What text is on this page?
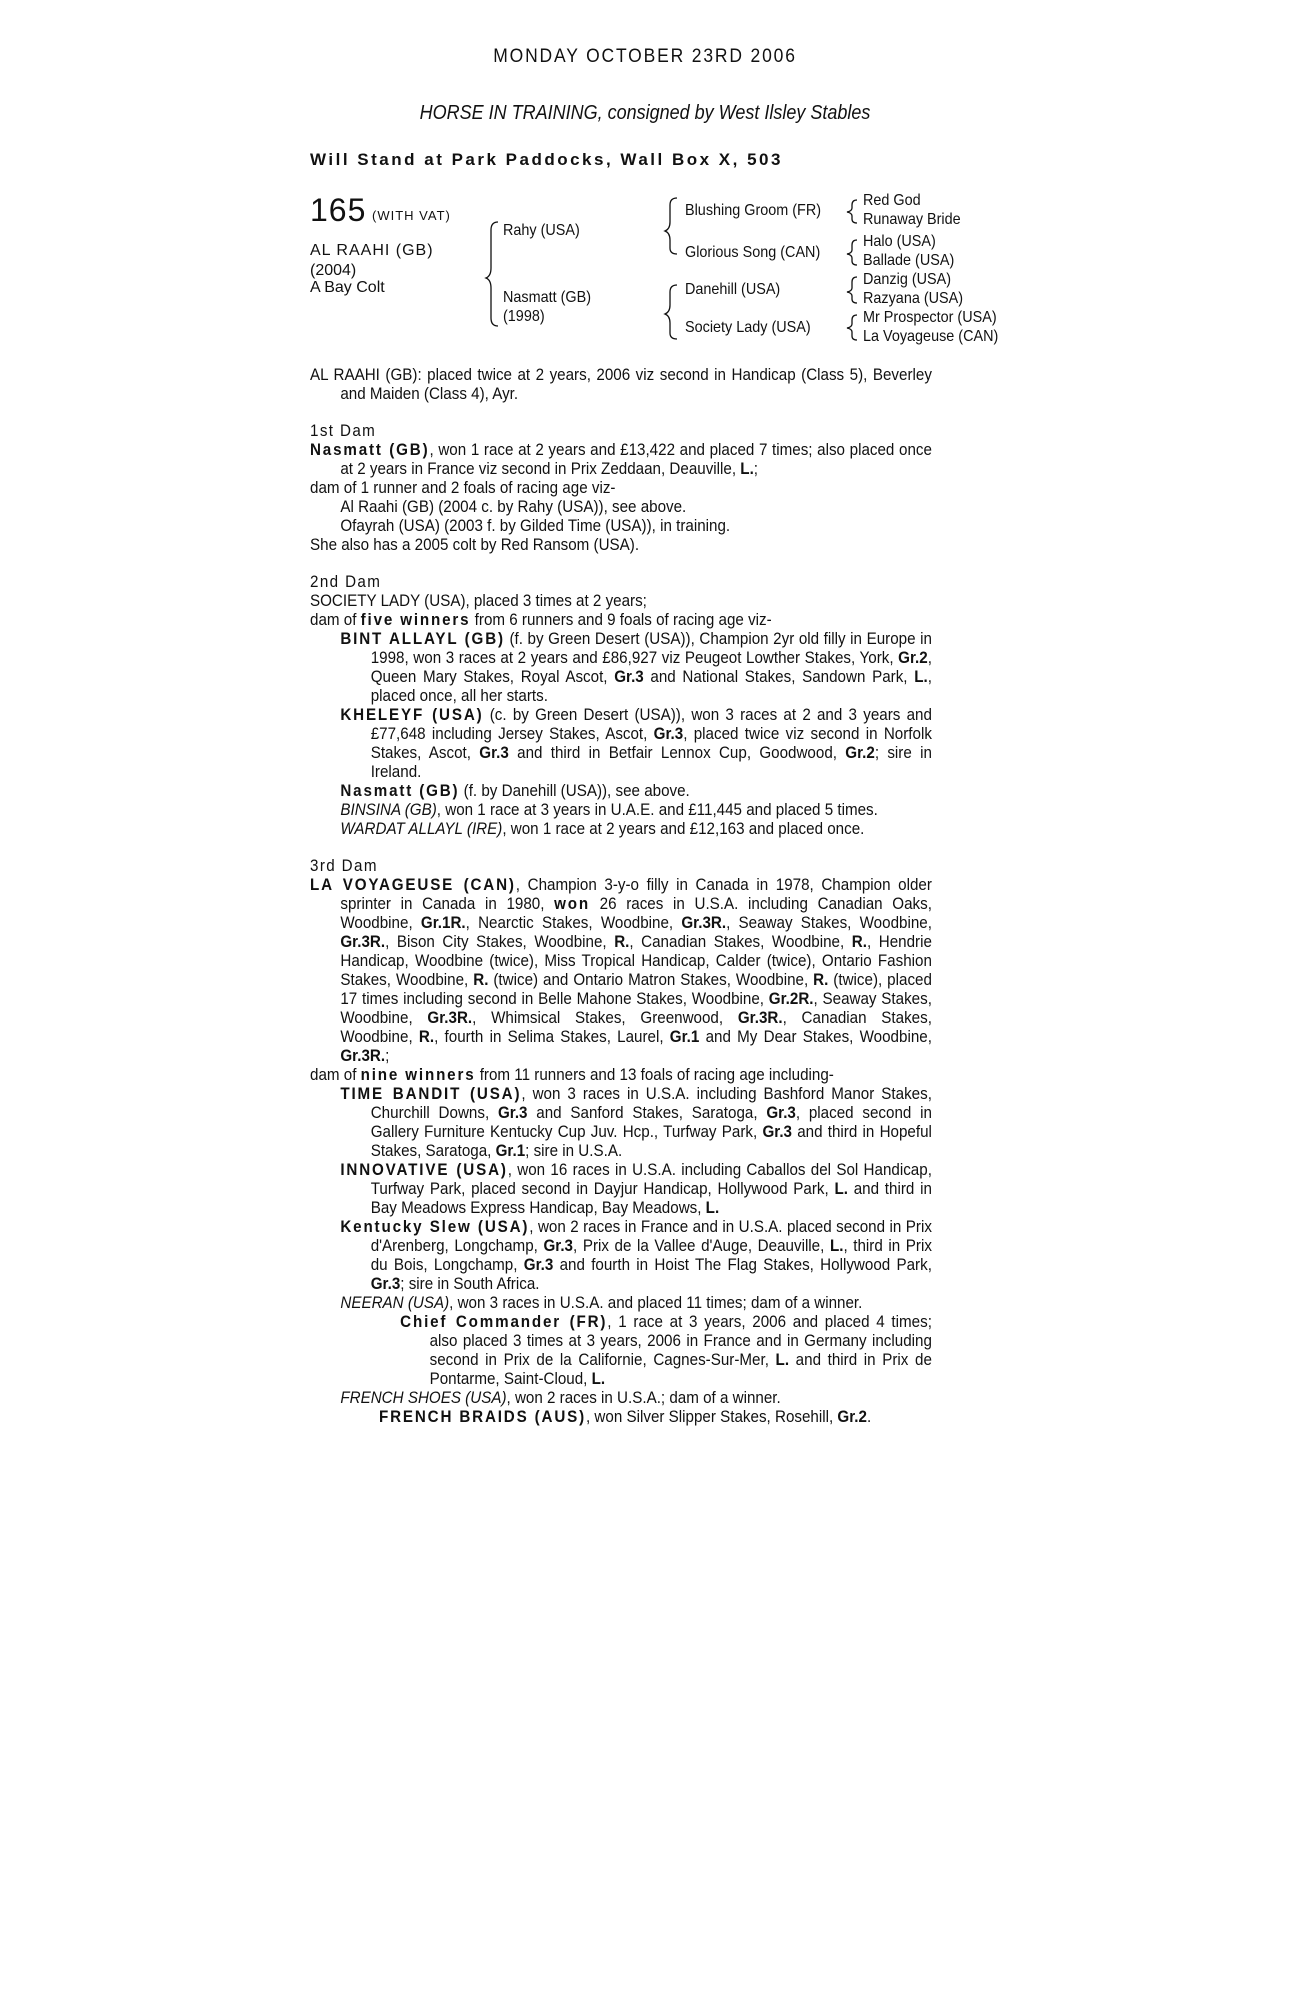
MONDAY OCTOBER 23RD 2006
HORSE IN TRAINING, consigned by West Ilsley Stables
Will Stand at Park Paddocks, Wall Box X, 503
165 (WITH VAT)
AL RAAHI (GB)
(2004)
A Bay Colt
Rahy (USA)
Nasmatt (GB)
(1998)
Blushing Groom (FR)
Glorious Song (CAN)
Danehill (USA)
Society Lady (USA)
Red God
Runaway Bride
Halo (USA)
Ballade (USA)
Danzig (USA)
Razyana (USA)
Mr Prospector (USA)
La Voyageuse (CAN)

AL RAAHI (GB): placed twice at 2 years, 2006 viz second in Handicap (Class 5), Beverley and Maiden (Class 4), Ayr.

1st Dam

Nasmatt (GB), won 1 race at 2 years and £13,422 and placed 7 times; also placed once at 2 years in France viz second in Prix Zeddaan, Deauville, L.;

dam of 1 runner and 2 foals of racing age viz-

Al Raahi (GB) (2004 c. by Rahy (USA)), see above.

Ofayrah (USA) (2003 f. by Gilded Time (USA)), in training.

She also has a 2005 colt by Red Ransom (USA).

2nd Dam

SOCIETY LADY (USA), placed 3 times at 2 years;

dam of five winners from 6 runners and 9 foals of racing age viz-

BINT ALLAYL (GB) (f. by Green Desert (USA)), Champion 2yr old filly in Europe in 1998, won 3 races at 2 years and £86,927 viz Peugeot Lowther Stakes, York, Gr.2, Queen Mary Stakes, Royal Ascot, Gr.3 and National Stakes, Sandown Park, L., placed once, all her starts.

KHELEYF (USA) (c. by Green Desert (USA)), won 3 races at 2 and 3 years and £77,648 including Jersey Stakes, Ascot, Gr.3, placed twice viz second in Norfolk Stakes, Ascot, Gr.3 and third in Betfair Lennox Cup, Goodwood, Gr.2; sire in Ireland.

Nasmatt (GB) (f. by Danehill (USA)), see above.

BINSINA (GB), won 1 race at 3 years in U.A.E. and £11,445 and placed 5 times.

WARDAT ALLAYL (IRE), won 1 race at 2 years and £12,163 and placed once.

3rd Dam

LA VOYAGEUSE (CAN), Champion 3-y-o filly in Canada in 1978, Champion older sprinter in Canada in 1980, won 26 races in U.S.A. including Canadian Oaks, Woodbine, Gr.1R., Nearctic Stakes, Woodbine, Gr.3R., Seaway Stakes, Woodbine, Gr.3R., Bison City Stakes, Woodbine, R., Canadian Stakes, Woodbine, R., Hendrie Handicap, Woodbine (twice), Miss Tropical Handicap, Calder (twice), Ontario Fashion Stakes, Woodbine, R. (twice) and Ontario Matron Stakes, Woodbine, R. (twice), placed 17 times including second in Belle Mahone Stakes, Woodbine, Gr.2R., Seaway Stakes, Woodbine, Gr.3R., Whimsical Stakes, Greenwood, Gr.3R., Canadian Stakes, Woodbine, R., fourth in Selima Stakes, Laurel, Gr.1 and My Dear Stakes, Woodbine, Gr.3R.;

dam of nine winners from 11 runners and 13 foals of racing age including-

TIME BANDIT (USA), won 3 races in U.S.A. including Bashford Manor Stakes, Churchill Downs, Gr.3 and Sanford Stakes, Saratoga, Gr.3, placed second in Gallery Furniture Kentucky Cup Juv. Hcp., Turfway Park, Gr.3 and third in Hopeful Stakes, Saratoga, Gr.1; sire in U.S.A.

INNOVATIVE (USA), won 16 races in U.S.A. including Caballos del Sol Handicap, Turfway Park, placed second in Dayjur Handicap, Hollywood Park, L. and third in Bay Meadows Express Handicap, Bay Meadows, L.

Kentucky Slew (USA), won 2 races in France and in U.S.A. placed second in Prix d'Arenberg, Longchamp, Gr.3, Prix de la Vallee d'Auge, Deauville, L., third in Prix du Bois, Longchamp, Gr.3 and fourth in Hoist The Flag Stakes, Hollywood Park, Gr.3; sire in South Africa.

NEERAN (USA), won 3 races in U.S.A. and placed 11 times; dam of a winner.

Chief Commander (FR), 1 race at 3 years, 2006 and placed 4 times; also placed 3 times at 3 years, 2006 in France and in Germany including second in Prix de la Californie, Cagnes-Sur-Mer, L. and third in Prix de Pontarme, Saint-Cloud, L.

FRENCH SHOES (USA), won 2 races in U.S.A.; dam of a winner.

FRENCH BRAIDS (AUS), won Silver Slipper Stakes, Rosehill, Gr.2.
